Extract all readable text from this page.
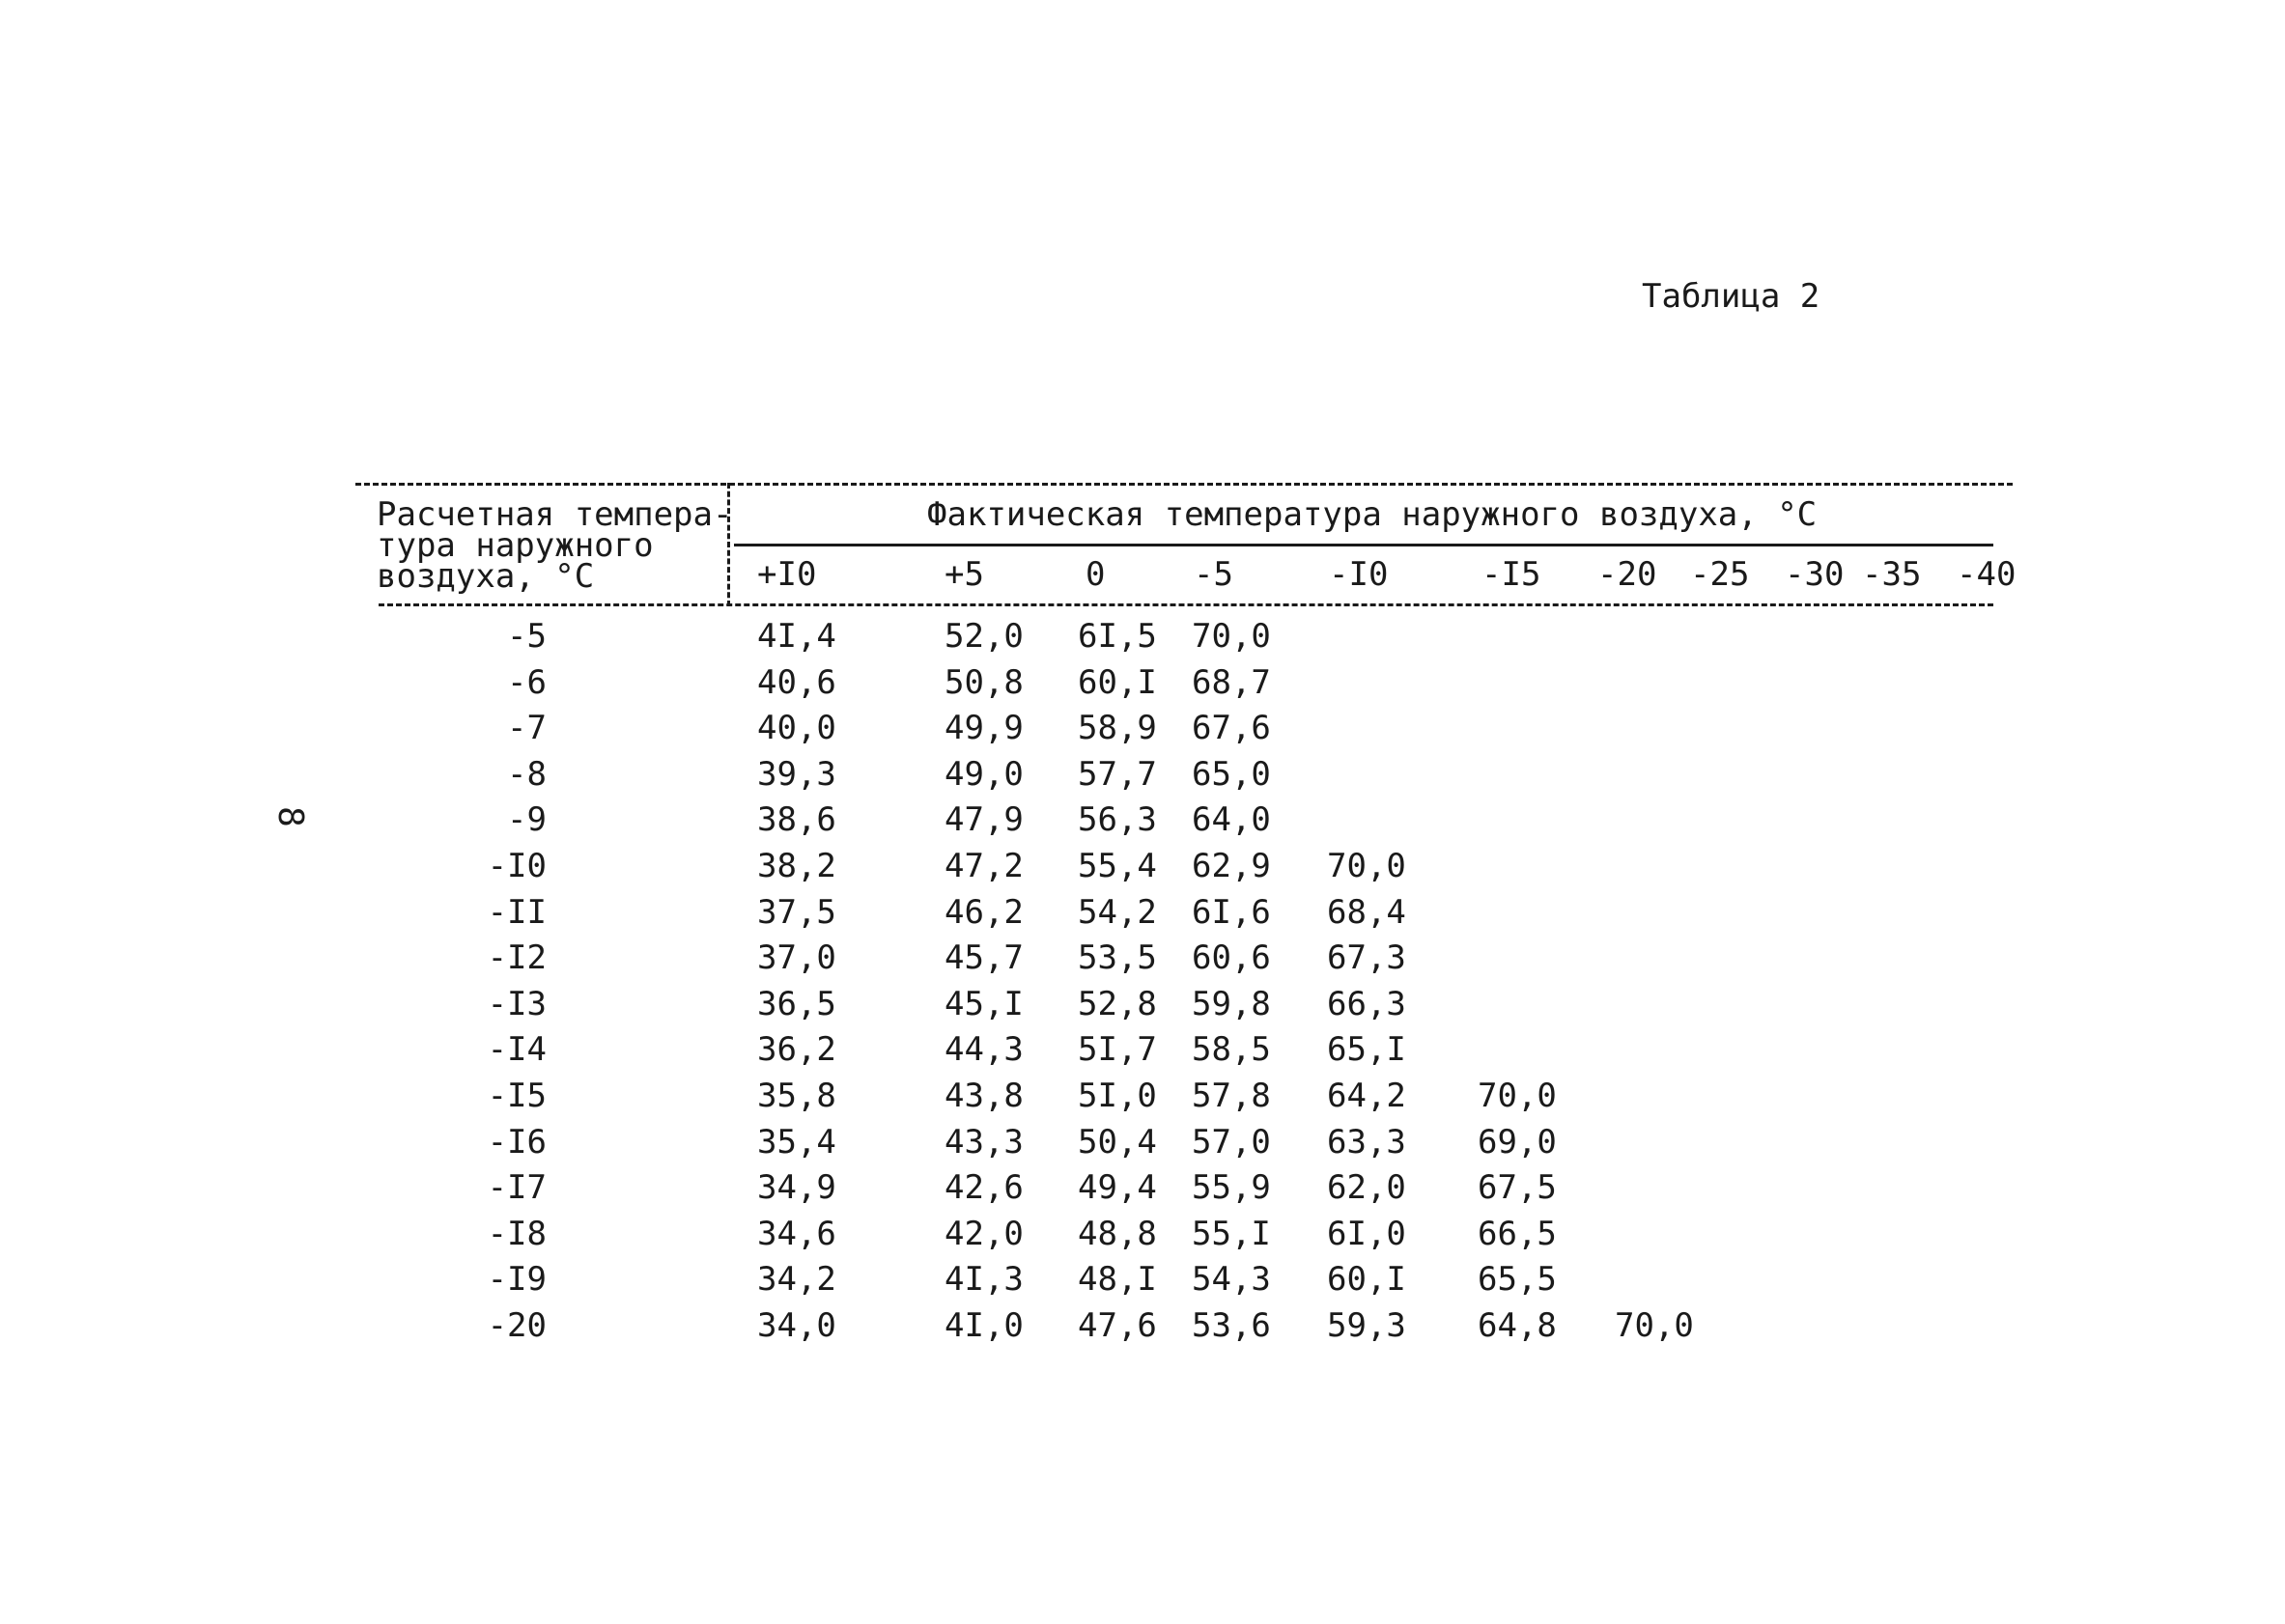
Таблица 2
8
Расчетная темпера-
тура наружного
воздуха, °C
Фактическая температура наружного воздуха, °C
+I0	+5	0	-5	-I0	-I5 -20 -25 -30 -35 -40
-5	4I,4	52,0 6I,5 70,0
-6	40,6	50,8 60,I 68,7
-7	40,0	49,9 58,9 67,6
-8	39,3	49,0 57,7 65,0
-9	38,6	47,9 56,3 64,0
-I0	38,2	47,2 55,4 62,9 70,0
-II	37,5	46,2 54,2 6I,6 68,4
-I2	37,0	45,7 53,5 60,6 67,3
-I3	36,5	45,I 52,8 59,8 66,3
-I4	36,2	44,3 5I,7 58,5 65,I
-I5	35,8	43,8 5I,0 57,8 64,2 70,0
-I6	35,4	43,3 50,4 57,0 63,3 69,0
-I7	34,9	42,6 49,4 55,9 62,0 67,5
-I8	34,6	42,0 48,8 55,I 6I,0 66,5
-I9	34,2	4I,3 48,I 54,3 60,I 65,5
-20	34,0	4I,0 47,6 53,6 59,3 64,8 70,0
